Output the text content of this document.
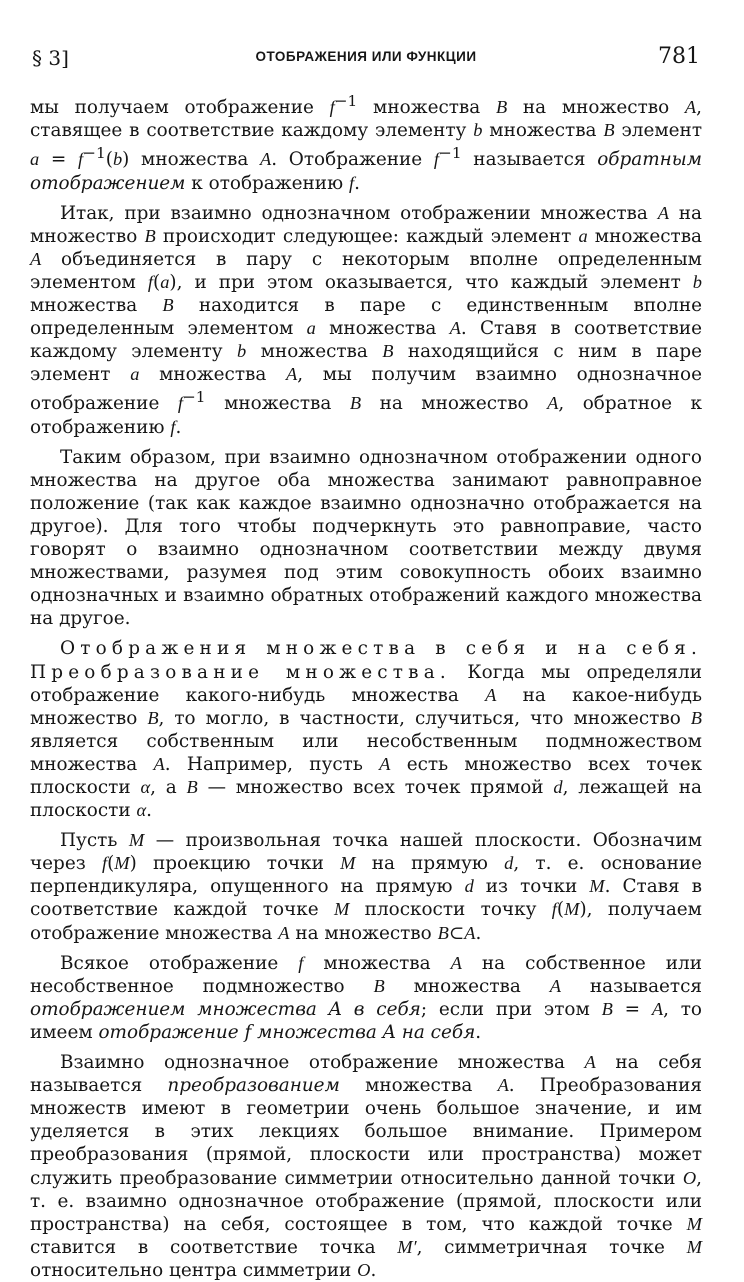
§ 3]	ОТОБРАЖЕНИЯ ИЛИ ФУНКЦИИ	781

мы получаем отображение $f^{-1}$ множества B на множество A, ставящее в соответствие каждому элементу b множества B элемент $a = f^{-1}(b)$ множества A. Отображение $f^{-1}$ называется обратным отображением к отображению f.

Итак, при взаимно однозначном отображении множества A на множество B происходит следующее: каждый элемент a множества A объединяется в пару с некоторым вполне определенным элементом f(a), и при этом оказывается, что каждый элемент b множества B находится в паре с единственным вполне определенным элементом a множества A. Ставя в соответствие каждому элементу b множества B находящийся с ним в паре элемент a множества A, мы получим взаимно однозначное отображение $f^{-1}$ множества B на множество A, обратное к отображению f.

Таким образом, при взаимно однозначном отображении одного множества на другое оба множества занимают равноправное положение (так как каждое взаимно однозначно отображается на другое). Для того чтобы подчеркнуть это равноправие, часто говорят о взаимно однозначном соответствии между двумя множествами, разумея под этим совокупность обоих взаимно однозначных и взаимно обратных отображений каждого множества на другое.

Отображения множества в себя и на себя. Преобразование множества. Когда мы определяли отображение какого-нибудь множества A на какое-нибудь множество B, то могло, в частности, случиться, что множество B является собственным или несобственным подмножеством множества A. Например, пусть A есть множество всех точек плоскости α, а B — множество всех точек прямой d, лежащей на плоскости α.

Пусть M — произвольная точка нашей плоскости. Обозначим через f(M) проекцию точки M на прямую d, т. е. основание перпендикуляра, опущенного на прямую d из точки M. Ставя в соответствие каждой точке M плоскости точку f(M), получаем отображение множества A на множество B⊂A.

Всякое отображение f множества A на собственное или несобственное подмножество B множества A называется отображением множества A в себя; если при этом B = A, то имеем отображение f множества A на себя.

Взаимно однозначное отображение множества A на себя называется преобразованием множества A. Преобразования множеств имеют в геометрии очень большое значение, и им уделяется в этих лекциях большое внимание. Примером преобразования (прямой, плоскости или пространства) может служить преобразование симметрии относительно данной точки O, т. е. взаимно однозначное отображение (прямой, плоскости или пространства) на себя, состоящее в том, что каждой точке M ставится в соответствие точка M′, симметричная точке M относительно центра симметрии O.
